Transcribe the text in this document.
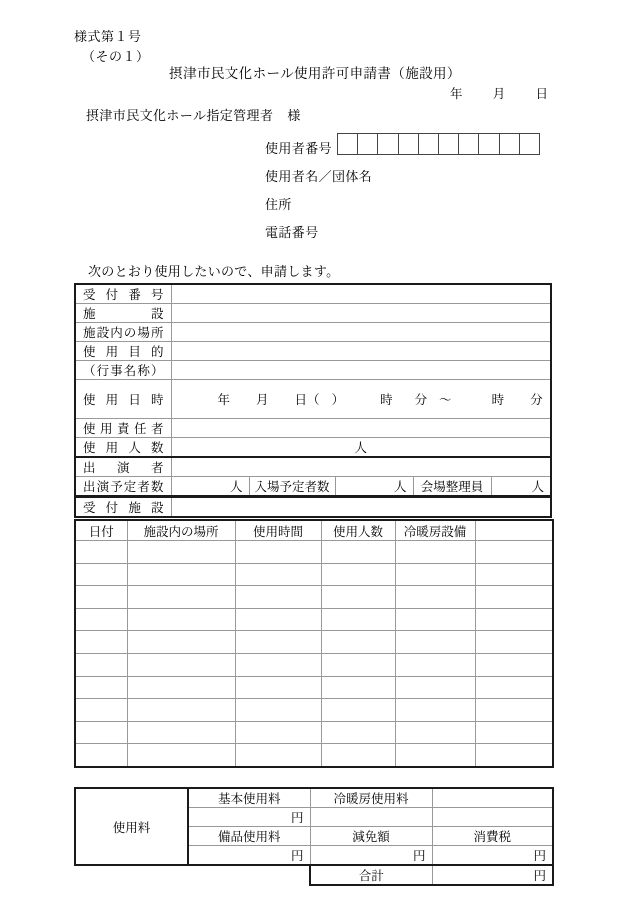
様式第１号
（その１）
摂津市民文化ホール使用許可申請書（施設用）
年 月 日
摂津市民文化ホール指定管理者 様
使用者番号
使用者名／団体名
住所
電話番号
次のとおり使用したいので、申請します。
受付番号	
施設	
施設内の場所	
使用目的	
（行事名称）	
使用日時	年 月 日 （ ）	時 分 〜	時 分

使用責任者	
使用人数	人
出演者					
出演予定者数	人	入場予定者数	人	会場整理員	人
受付施設	
日付	施設内の場所	使用時間	使用人数	冷暖房設備	

使用料	基本使用料	冷暖房使用料	
	円		
	備品使用料	減免額	消費税
	円	円	円
		合計	円
